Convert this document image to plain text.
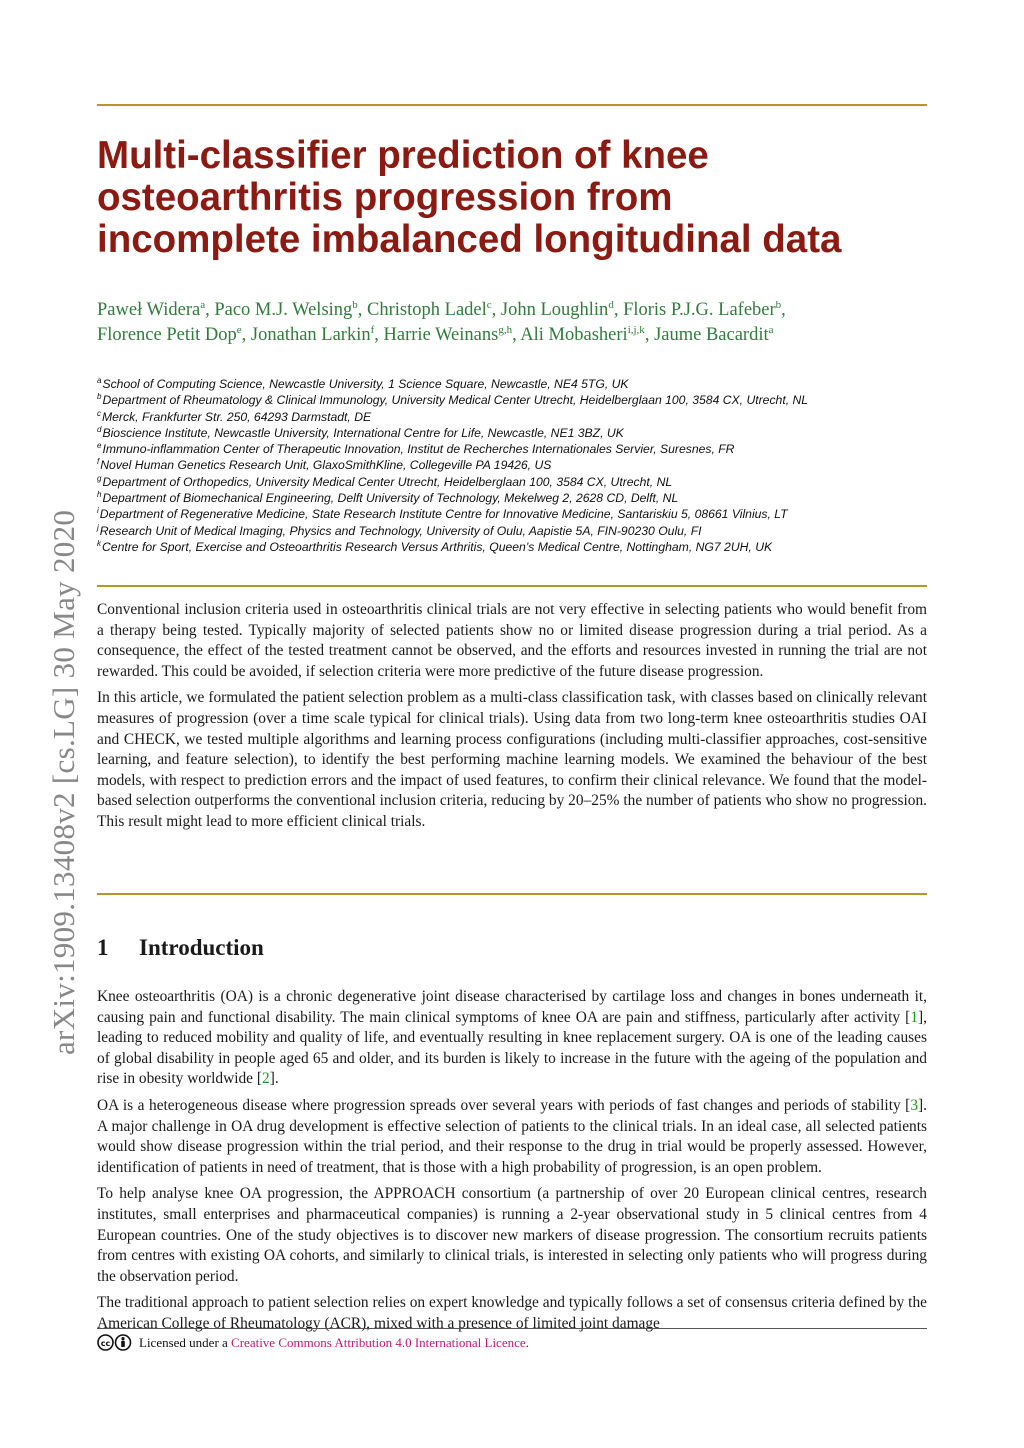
arXiv:1909.13408v2 [cs.LG] 30 May 2020
Multi-classifier prediction of knee
osteoarthritis progression from
incomplete imbalanced longitudinal data
Paweł Widera$^a$, Paco M.J. Welsing$^b$, Christoph Ladel$^c$, John Loughlin$^d$, Floris P.J.G. Lafeber$^b$,
Florence Petit Dop$^e$, Jonathan Larkin$^f$, Harrie Weinans$^{g,h}$, Ali Mobasheri$^{i,j,k}$, Jaume Bacardit$^a$
$^a$School of Computing Science, Newcastle University, 1 Science Square, Newcastle, NE4 5TG, UK
$^b$Department of Rheumatology & Clinical Immunology, University Medical Center Utrecht, Heidelberglaan 100, 3584 CX, Utrecht, NL
$^c$Merck, Frankfurter Str. 250, 64293 Darmstadt, DE
$^d$Bioscience Institute, Newcastle University, International Centre for Life, Newcastle, NE1 3BZ, UK
$^e$Immuno-inflammation Center of Therapeutic Innovation, Institut de Recherches Internationales Servier, Suresnes, FR
$^f$Novel Human Genetics Research Unit, GlaxoSmithKline, Collegeville PA 19426, US
$^g$Department of Orthopedics, University Medical Center Utrecht, Heidelberglaan 100, 3584 CX, Utrecht, NL
$^h$Department of Biomechanical Engineering, Delft University of Technology, Mekelweg 2, 2628 CD, Delft, NL
$^i$Department of Regenerative Medicine, State Research Institute Centre for Innovative Medicine, Santariskiu 5, 08661 Vilnius, LT
$^j$Research Unit of Medical Imaging, Physics and Technology, University of Oulu, Aapistie 5A, FIN-90230 Oulu, FI
$^k$Centre for Sport, Exercise and Osteoarthritis Research Versus Arthritis, Queen’s Medical Centre, Nottingham, NG7 2UH, UK

Conventional inclusion criteria used in osteoarthritis clinical trials are not very effective in selecting patients who would benefit from a therapy being tested. Typically majority of selected patients show no or limited disease progression during a trial period. As a consequence, the effect of the tested treatment cannot be observed, and the efforts and resources invested in running the trial are not rewarded. This could be avoided, if selection criteria were more predictive of the future disease progression.

In this article, we formulated the patient selection problem as a multi-class classification task, with classes based on clinically relevant measures of progression (over a time scale typical for clinical trials). Using data from two long-term knee osteoarthritis studies OAI and CHECK, we tested multiple algorithms and learning process configurations (including multi-classifier approaches, cost-sensitive learning, and feature selection), to identify the best performing machine learning models. We examined the behaviour of the best models, with respect to prediction errors and the impact of used features, to confirm their clinical relevance. We found that the model-based selection outperforms the conventional inclusion criteria, reducing by 20–25% the number of patients who show no progression. This result might lead to more efficient clinical trials.

1 Introduction

Knee osteoarthritis (OA) is a chronic degenerative joint disease characterised by cartilage loss and changes in bones underneath it, causing pain and functional disability. The main clinical symptoms of knee OA are pain and stiffness, particularly after activity [1], leading to reduced mobility and quality of life, and eventually resulting in knee replacement surgery. OA is one of the leading causes of global disability in people aged 65 and older, and its burden is likely to increase in the future with the ageing of the population and rise in obesity worldwide [2].

OA is a heterogeneous disease where progression spreads over several years with periods of fast changes and periods of stability [3]. A major challenge in OA drug development is effective selection of patients to the clinical trials. In an ideal case, all selected patients would show disease progression within the trial period, and their response to the drug in trial would be properly assessed. However, identification of patients in need of treatment, that is those with a high probability of progression, is an open problem.

To help analyse knee OA progression, the APPROACH consortium (a partnership of over 20 European clinical centres, research institutes, small enterprises and pharmaceutical companies) is running a 2-year observational study in 5 clinical centres from 4 European countries. One of the study objectives is to discover new markers of disease progression. The consortium recruits patients from centres with existing OA cohorts, and similarly to clinical trials, is interested in selecting only patients who will progress during the observation period.

The traditional approach to patient selection relies on expert knowledge and typically follows a set of consensus criteria defined by the American College of Rheumatology (ACR), mixed with a presence of limited joint damage

cc Licensed under a Creative Commons Attribution 4.0 International Licence.
